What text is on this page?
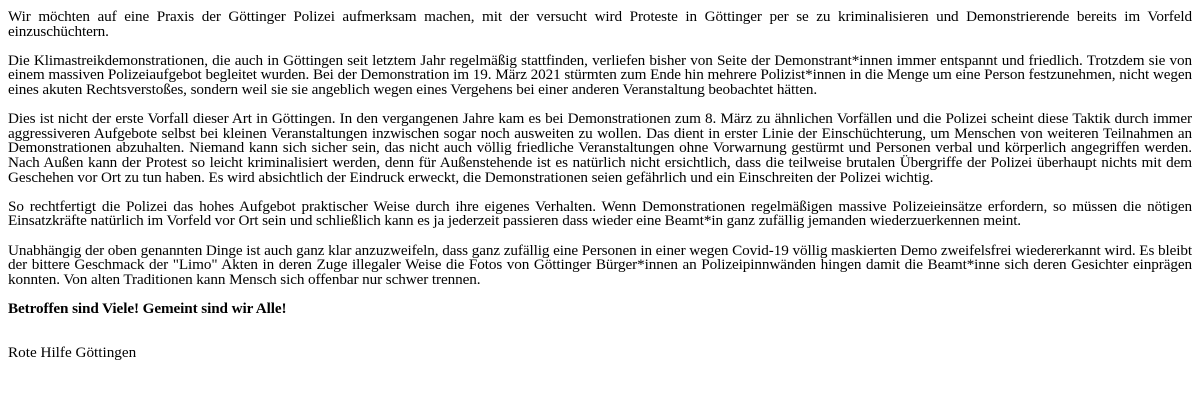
Wir möchten auf eine Praxis der Göttinger Polizei aufmerksam machen, mit der versucht wird Proteste in Göttinger per se zu kriminalisieren und Demonstrierende bereits im Vorfeld einzuschüchtern.

Die Klimastreikdemonstrationen, die auch in Göttingen seit letztem Jahr regelmäßig stattfinden, verliefen bisher von Seite der Demonstrant*innen immer entspannt und friedlich. Trotzdem sie von einem massiven Polizeiaufgebot begleitet wurden. Bei der Demonstration im 19. März 2021 stürmten zum Ende hin mehrere Polizist*innen in die Menge um eine Person festzunehmen, nicht wegen eines akuten Rechtsverstoßes, sondern weil sie sie angeblich wegen eines Vergehens bei einer anderen Veranstaltung beobachtet hätten.

Dies ist nicht der erste Vorfall dieser Art in Göttingen. In den vergangenen Jahre kam es bei Demonstrationen zum 8. März zu ähnlichen Vorfällen und die Polizei scheint diese Taktik durch immer aggressiveren Aufgebote selbst bei kleinen Veranstaltungen inzwischen sogar noch ausweiten zu wollen. Das dient in erster Linie der Einschüchterung, um Menschen von weiteren Teilnahmen an Demonstrationen abzuhalten. Niemand kann sich sicher sein, das nicht auch völlig friedliche Veranstaltungen ohne Vorwarnung gestürmt und Personen verbal und körperlich angegriffen werden. Nach Außen kann der Protest so leicht kriminalisiert werden, denn für Außenstehende ist es natürlich nicht ersichtlich, dass die teilweise brutalen Übergriffe der Polizei überhaupt nichts mit dem Geschehen vor Ort zu tun haben. Es wird absichtlich der Eindruck erweckt, die Demonstrationen seien gefährlich und ein Einschreiten der Polizei wichtig.

So rechtfertigt die Polizei das hohes Aufgebot praktischer Weise durch ihre eigenes Verhalten. Wenn Demonstrationen regelmäßigen massive Polizeieinsätze erfordern, so müssen die nötigen Einsatzkräfte natürlich im Vorfeld vor Ort sein und schließlich kann es ja jederzeit passieren dass wieder eine Beamt*in ganz zufällig jemanden wiederzuerkennen meint.

Unabhängig der oben genannten Dinge ist auch ganz klar anzuzweifeln, dass ganz zufällig eine Personen in einer wegen Covid-19 völlig maskierten Demo zweifelsfrei wiedererkannt wird. Es bleibt der bittere Geschmack der "Limo" Akten in deren Zuge illegaler Weise die Fotos von Göttinger Bürger*innen an Polizeipinnwänden hingen damit die Beamt*inne sich deren Gesichter einprägen konnten. Von alten Traditionen kann Mensch sich offenbar nur schwer trennen.

Betroffen sind Viele! Gemeint sind wir Alle!

Rote Hilfe Göttingen
